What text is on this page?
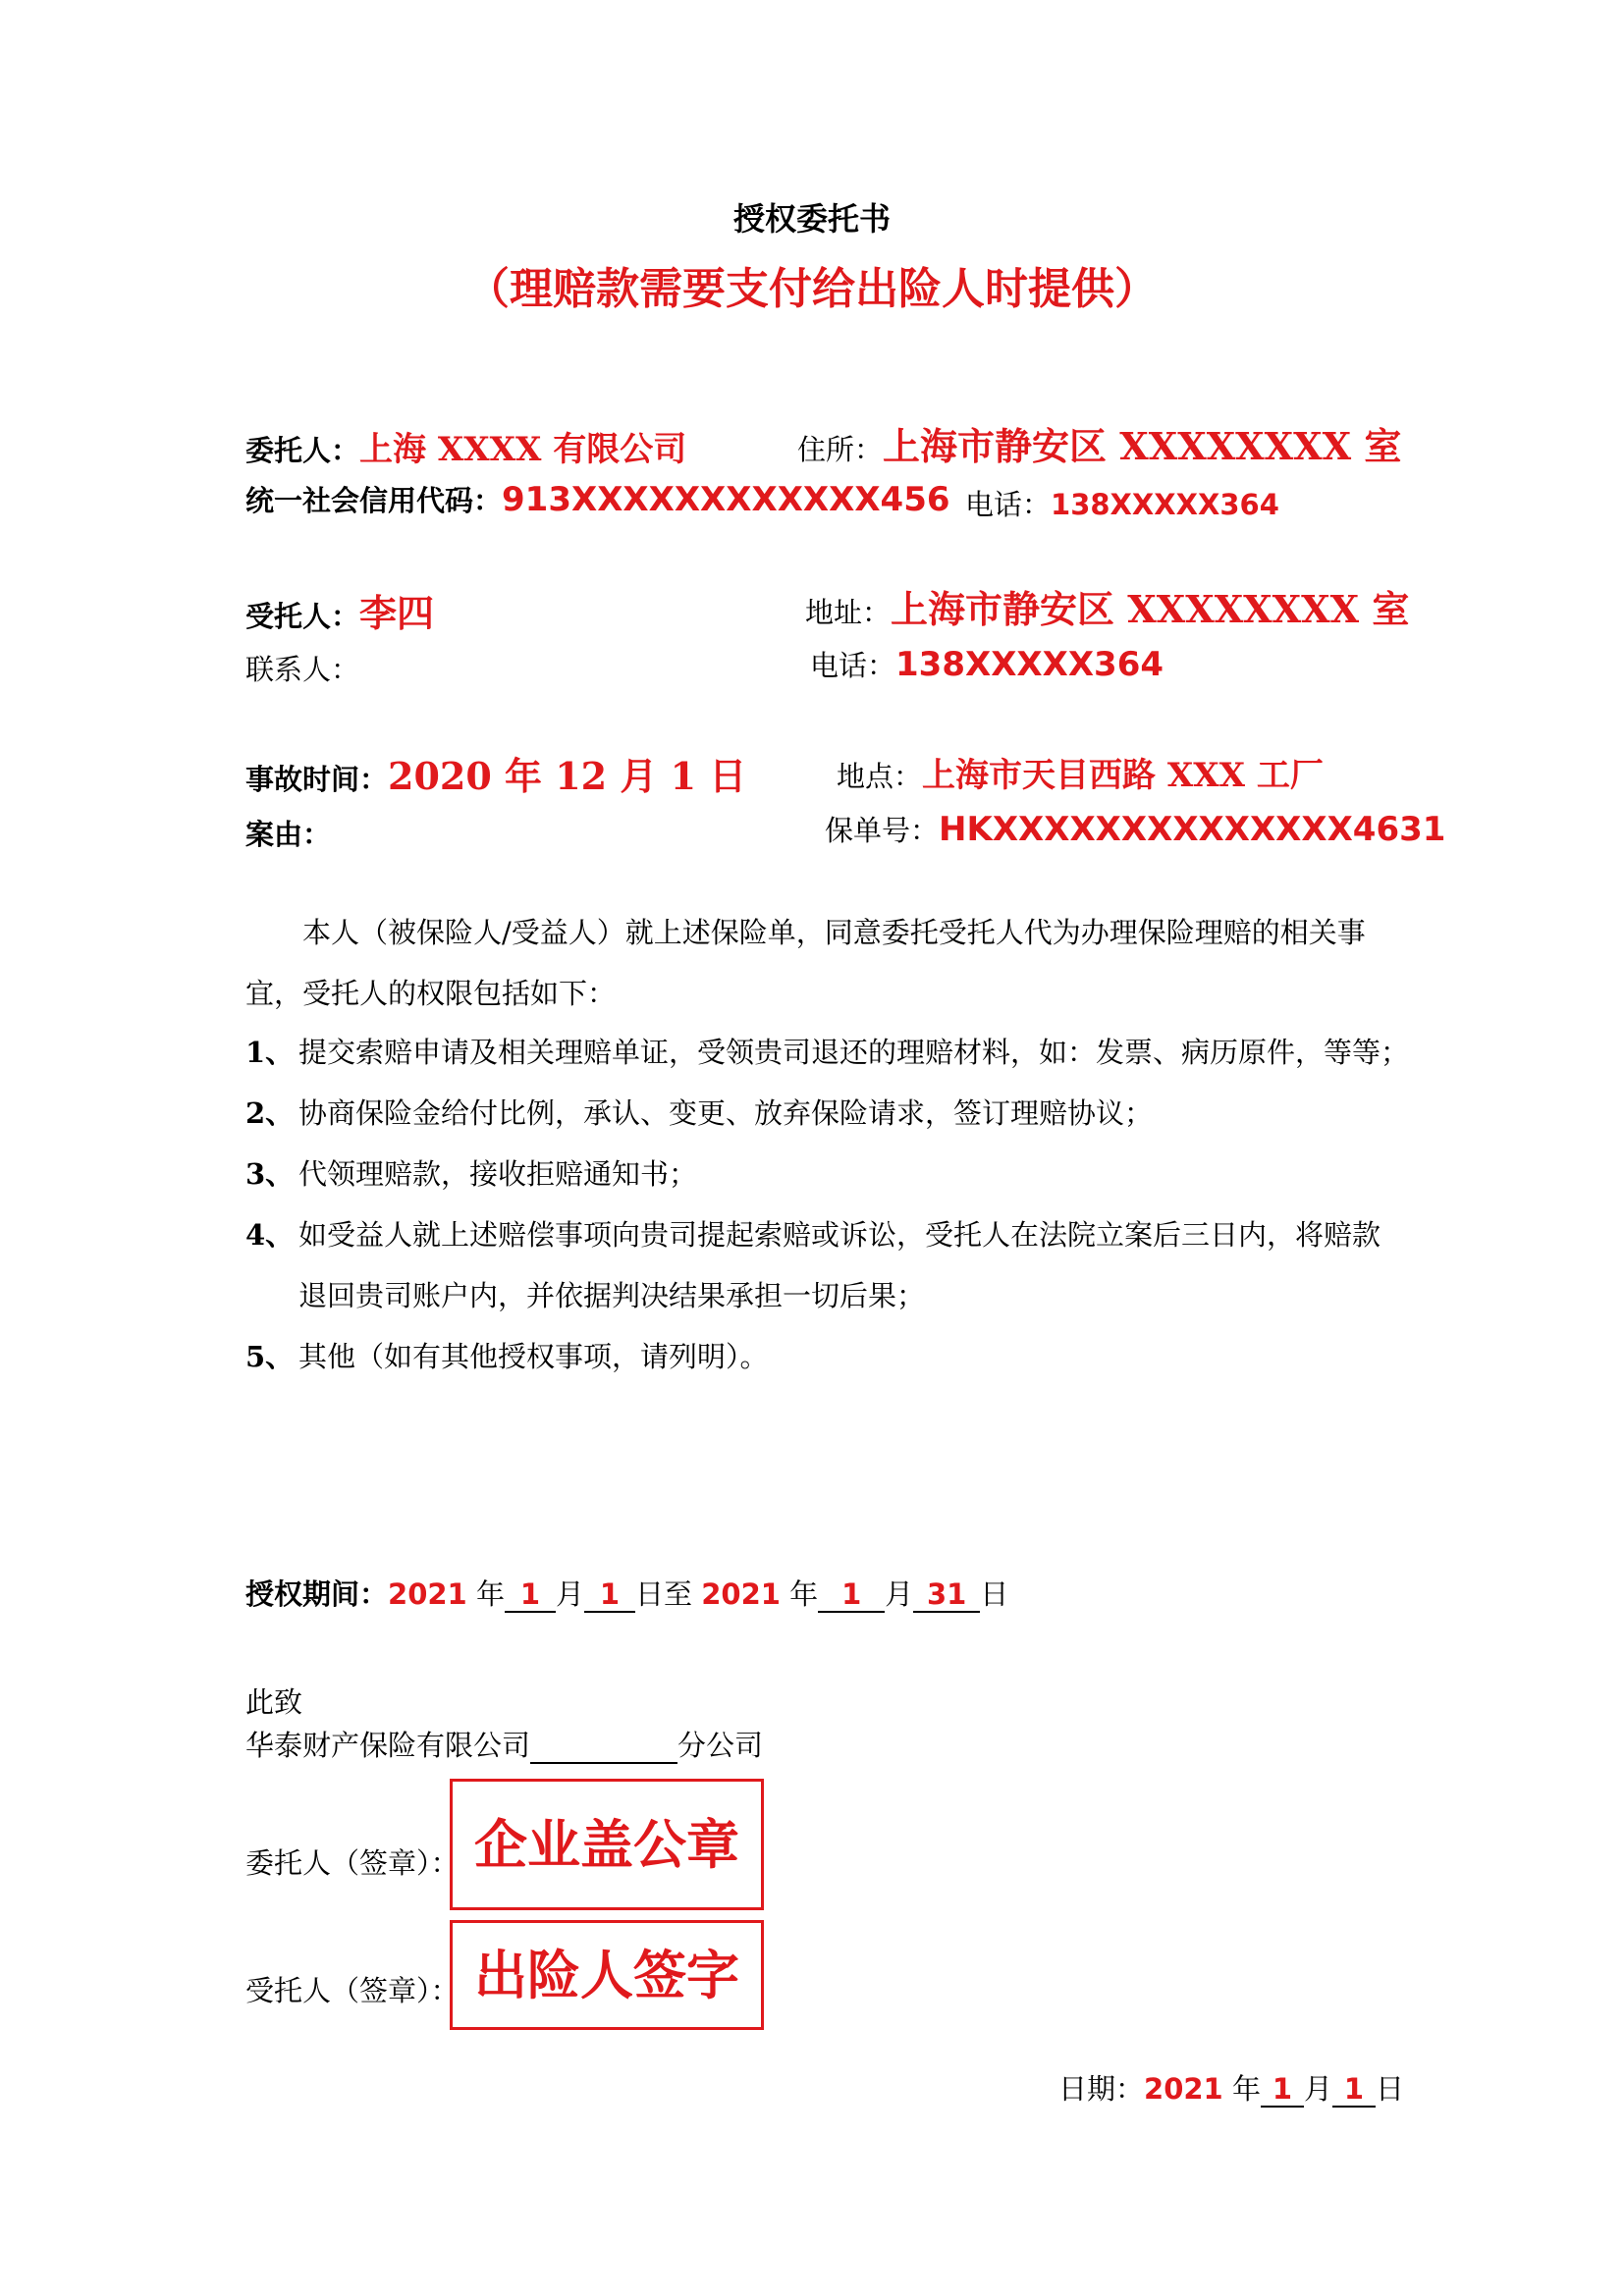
授权委托书
（理赔款需要支付给出险人时提供）
委托人：上海 XXXX 有限公司	住所：上海市静安区 XXXXXXXX 室
统一社会信用代码：913XXXXXXXXXXXX456 电话：138XXXXX364
受托人：李四	地址：上海市静安区 XXXXXXXX 室
联系人：	电话：138XXXXX364
事故时间：2020 年 12 月 1 日	地点：上海市天目西路 XXX 工厂
案由：	保单号：HKXXXXXXXXXXXXXX4631
本人（被保险人/受益人）就上述保险单，同意委托受托人代为办理保险理赔的相关事
宜，受托人的权限包括如下：
1、 提交索赔申请及相关理赔单证，受领贵司退还的理赔材料，如：发票、病历原件，等等；
2、 协商保险金给付比例，承认、变更、放弃保险请求，签订理赔协议；
3、 代领理赔款，接收拒赔通知书；
4、 如受益人就上述赔偿事项向贵司提起索赔或诉讼，受托人在法院立案后三日内，将赔款
退回贵司账户内，并依据判决结果承担一切后果；
5、 其他（如有其他授权事项，请列明）。
授权期间：2021 年 1 月 1 日至 2021 年 1 月 31 日
此致
华泰财产保险有限公司	分公司
委托人（签章）： 企业盖公章
受托人（签章）： 出险人签字
日期：2021 年 1 月 1 日
